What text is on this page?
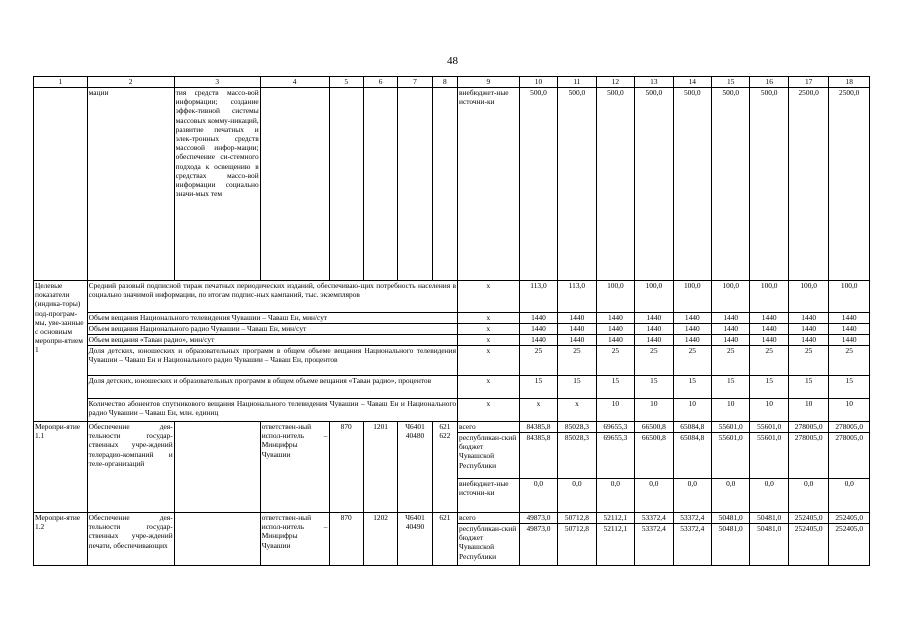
48
1	2	3	4	5	6	7	8	9	10	11	12	13	14	15	16	17	18
	мации	тия средств массо-вой информации; создание эффек-тивной системы массовых комму-никаций, развитие печатных и элек-тронных средств массовой инфор-мации; обеспечение си-стемного подхода к освещению в средствах массо-вой информации социально значи-мых тем						внебюджет-ные источни-ки	500,0	500,0	500,0	500,0	500,0	500,0	500,0	2500,0	2500,0
Целевые показатели (индика-торы) под-програм-мы, уве-занные с основным меропри-ятием 1	Средний разовый подписной тираж печатных периодических изданий, обеспечиваю-щих потребность населения в социально значимой информации, по итогам подпис-ных кампаний, тыс. экземпляров							х	113,0	113,0	100,0	100,0	100,0	100,0	100,0	100,0	100,0
	Объем вещания Национального телевидения Чувашии – Чаваш Ен, мин/сут							х	1440	1440	1440	1440	1440	1440	1440	1440	1440
	Объем вещания Национального радио Чувашии – Чаваш Ен, мин/сут							х	1440	1440	1440	1440	1440	1440	1440	1440	1440
	Объем вещания «Таван радио», мин/сут							х	1440	1440	1440	1440	1440	1440	1440	1440	1440
	Доля детских, юношеских и образовательных программ в общем объеме вещания Национального телевидения Чувашии – Чаваш Ен и Национального радио Чувашии – Чаваш Ен, процентов							х	25	25	25	25	25	25	25	25	25
	Доля детских, юношеских и образовательных программ в общем объеме вещания «Таван радио», процентов							х	15	15	15	15	15	15	15	15	15
	Количество абонентов спутникового вещания Национального телевидения Чувашии – Чаваш Ен и Национального радио Чувашии – Чаваш Ен, млн. единиц							х	х	х	10	10	10	10	10	10	10
Меропри-ятие 1.1	Обеспечение дея-тельности государ-ственных учре-ждений телерадио-компаний и теле-организаций		ответствен-ный испол-нитель – Минцифры Чувашии	870	1201	Ч6401 40480	621 622	всего	84385,8	85028,3	69655,3	66500,8	65084,8	55601,0	55601,0	278005,0	278005,0
								республикан-ский бюджет Чувашской Республики	84385,8	85028,3	69655,3	66500,8	65084,8	55601,0	55601,0	278005,0	278005,0
								внебюджет-ные источни-ки	0,0	0,0	0,0	0,0	0,0	0,0	0,0	0,0	0,0
Меропри-ятие 1.2	Обеспечение дея-тельности государ-ственных учре-ждений печати, обеспечивающих		ответствен-ный испол-нитель – Минцифры Чувашии	870	1202	Ч6401 40490	621	всего	49873,0	50712,8	52112,1	53372,4	53372,4	50481,0	50481,0	252405,0	252405,0
								республикан-ский бюджет Чувашской Республики	49873,0	50712,8	52112,1	53372,4	53372,4	50481,0	50481,0	252405,0	252405,0
